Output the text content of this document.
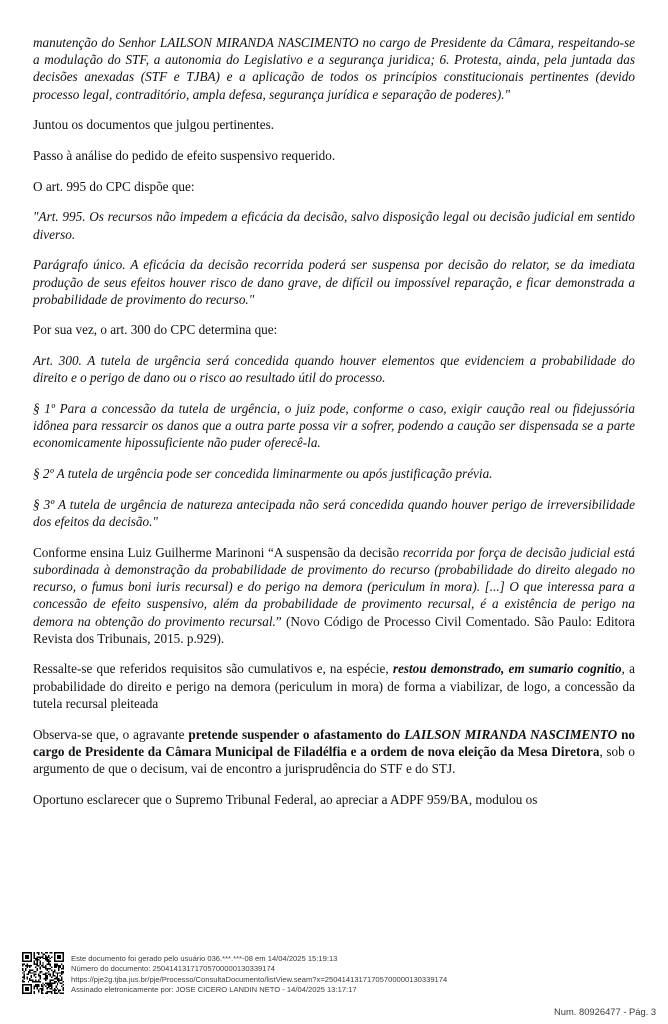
manutenção do Senhor LAILSON MIRANDA NASCIMENTO no cargo de Presidente da Câmara, respeitando-se a modulação do STF, a autonomia do Legislativo e a segurança juridica; 6. Protesta, ainda, pela juntada das decisões anexadas (STF e TJBA) e a aplicação de todos os princípios constitucionais pertinentes (devido processo legal, contraditório, ampla defesa, segurança jurídica e separação de poderes)."

Juntou os documentos que julgou pertinentes.

Passo à análise do pedido de efeito suspensivo requerido.

O art. 995 do CPC dispõe que:

"Art. 995. Os recursos não impedem a eficácia da decisão, salvo disposição legal ou decisão judicial em sentido diverso.

Parágrafo único. A eficácia da decisão recorrida poderá ser suspensa por decisão do relator, se da imediata produção de seus efeitos houver risco de dano grave, de difícil ou impossível reparação, e ficar demonstrada a probabilidade de provimento do recurso."

Por sua vez, o art. 300 do CPC determina que:

Art. 300. A tutela de urgência será concedida quando houver elementos que evidenciem a probabilidade do direito e o perigo de dano ou o risco ao resultado útil do processo.

§ 1º Para a concessão da tutela de urgência, o juiz pode, conforme o caso, exigir caução real ou fidejussória idônea para ressarcir os danos que a outra parte possa vir a sofrer, podendo a caução ser dispensada se a parte economicamente hipossuficiente não puder oferecê-la.

§ 2º A tutela de urgência pode ser concedida liminarmente ou após justificação prévia.

§ 3º A tutela de urgência de natureza antecipada não será concedida quando houver perigo de irreversibilidade dos efeitos da decisão."

Conforme ensina Luiz Guilherme Marinoni “A suspensão da decisão recorrida por força de decisão judicial está subordinada à demonstração da probabilidade de provimento do recurso (probabilidade do direito alegado no recurso, o fumus boni iuris recursal) e do perigo na demora (periculum in mora). [...] O que interessa para a concessão de efeito suspensivo, além da probabilidade de provimento recursal, é a existência de perigo na demora na obtenção do provimento recursal.” (Novo Código de Processo Civil Comentado. São Paulo: Editora Revista dos Tribunais, 2015. p.929).

Ressalte-se que referidos requisitos são cumulativos e, na espécie, restou demonstrado, em sumario cognitio, a probabilidade do direito e perigo na demora (periculum in mora) de forma a viabilizar, de logo, a concessão da tutela recursal pleiteada

Observa-se que, o agravante pretende suspender o afastamento do LAILSON MIRANDA NASCIMENTO no cargo de Presidente da Câmara Municipal de Filadélfia e a ordem de nova eleição da Mesa Diretora, sob o argumento de que o decisum, vai de encontro a jurisprudência do STF e do STJ.

Oportuno esclarecer que o Supremo Tribunal Federal, ao apreciar a ADPF 959/BA, modulou os

Este documento foi gerado pelo usuário 036.***.***-08 em 14/04/2025 15:19:13
Número do documento: 25041413171705700000130339174
https://pje2g.tjba.jus.br/pje/Processo/ConsultaDocumento/listView.seam?x=25041413171705700000130339174
Assinado eletronicamente por: JOSE CICERO LANDIN NETO - 14/04/2025 13:17:17
Num. 80926477 - Pág. 3
